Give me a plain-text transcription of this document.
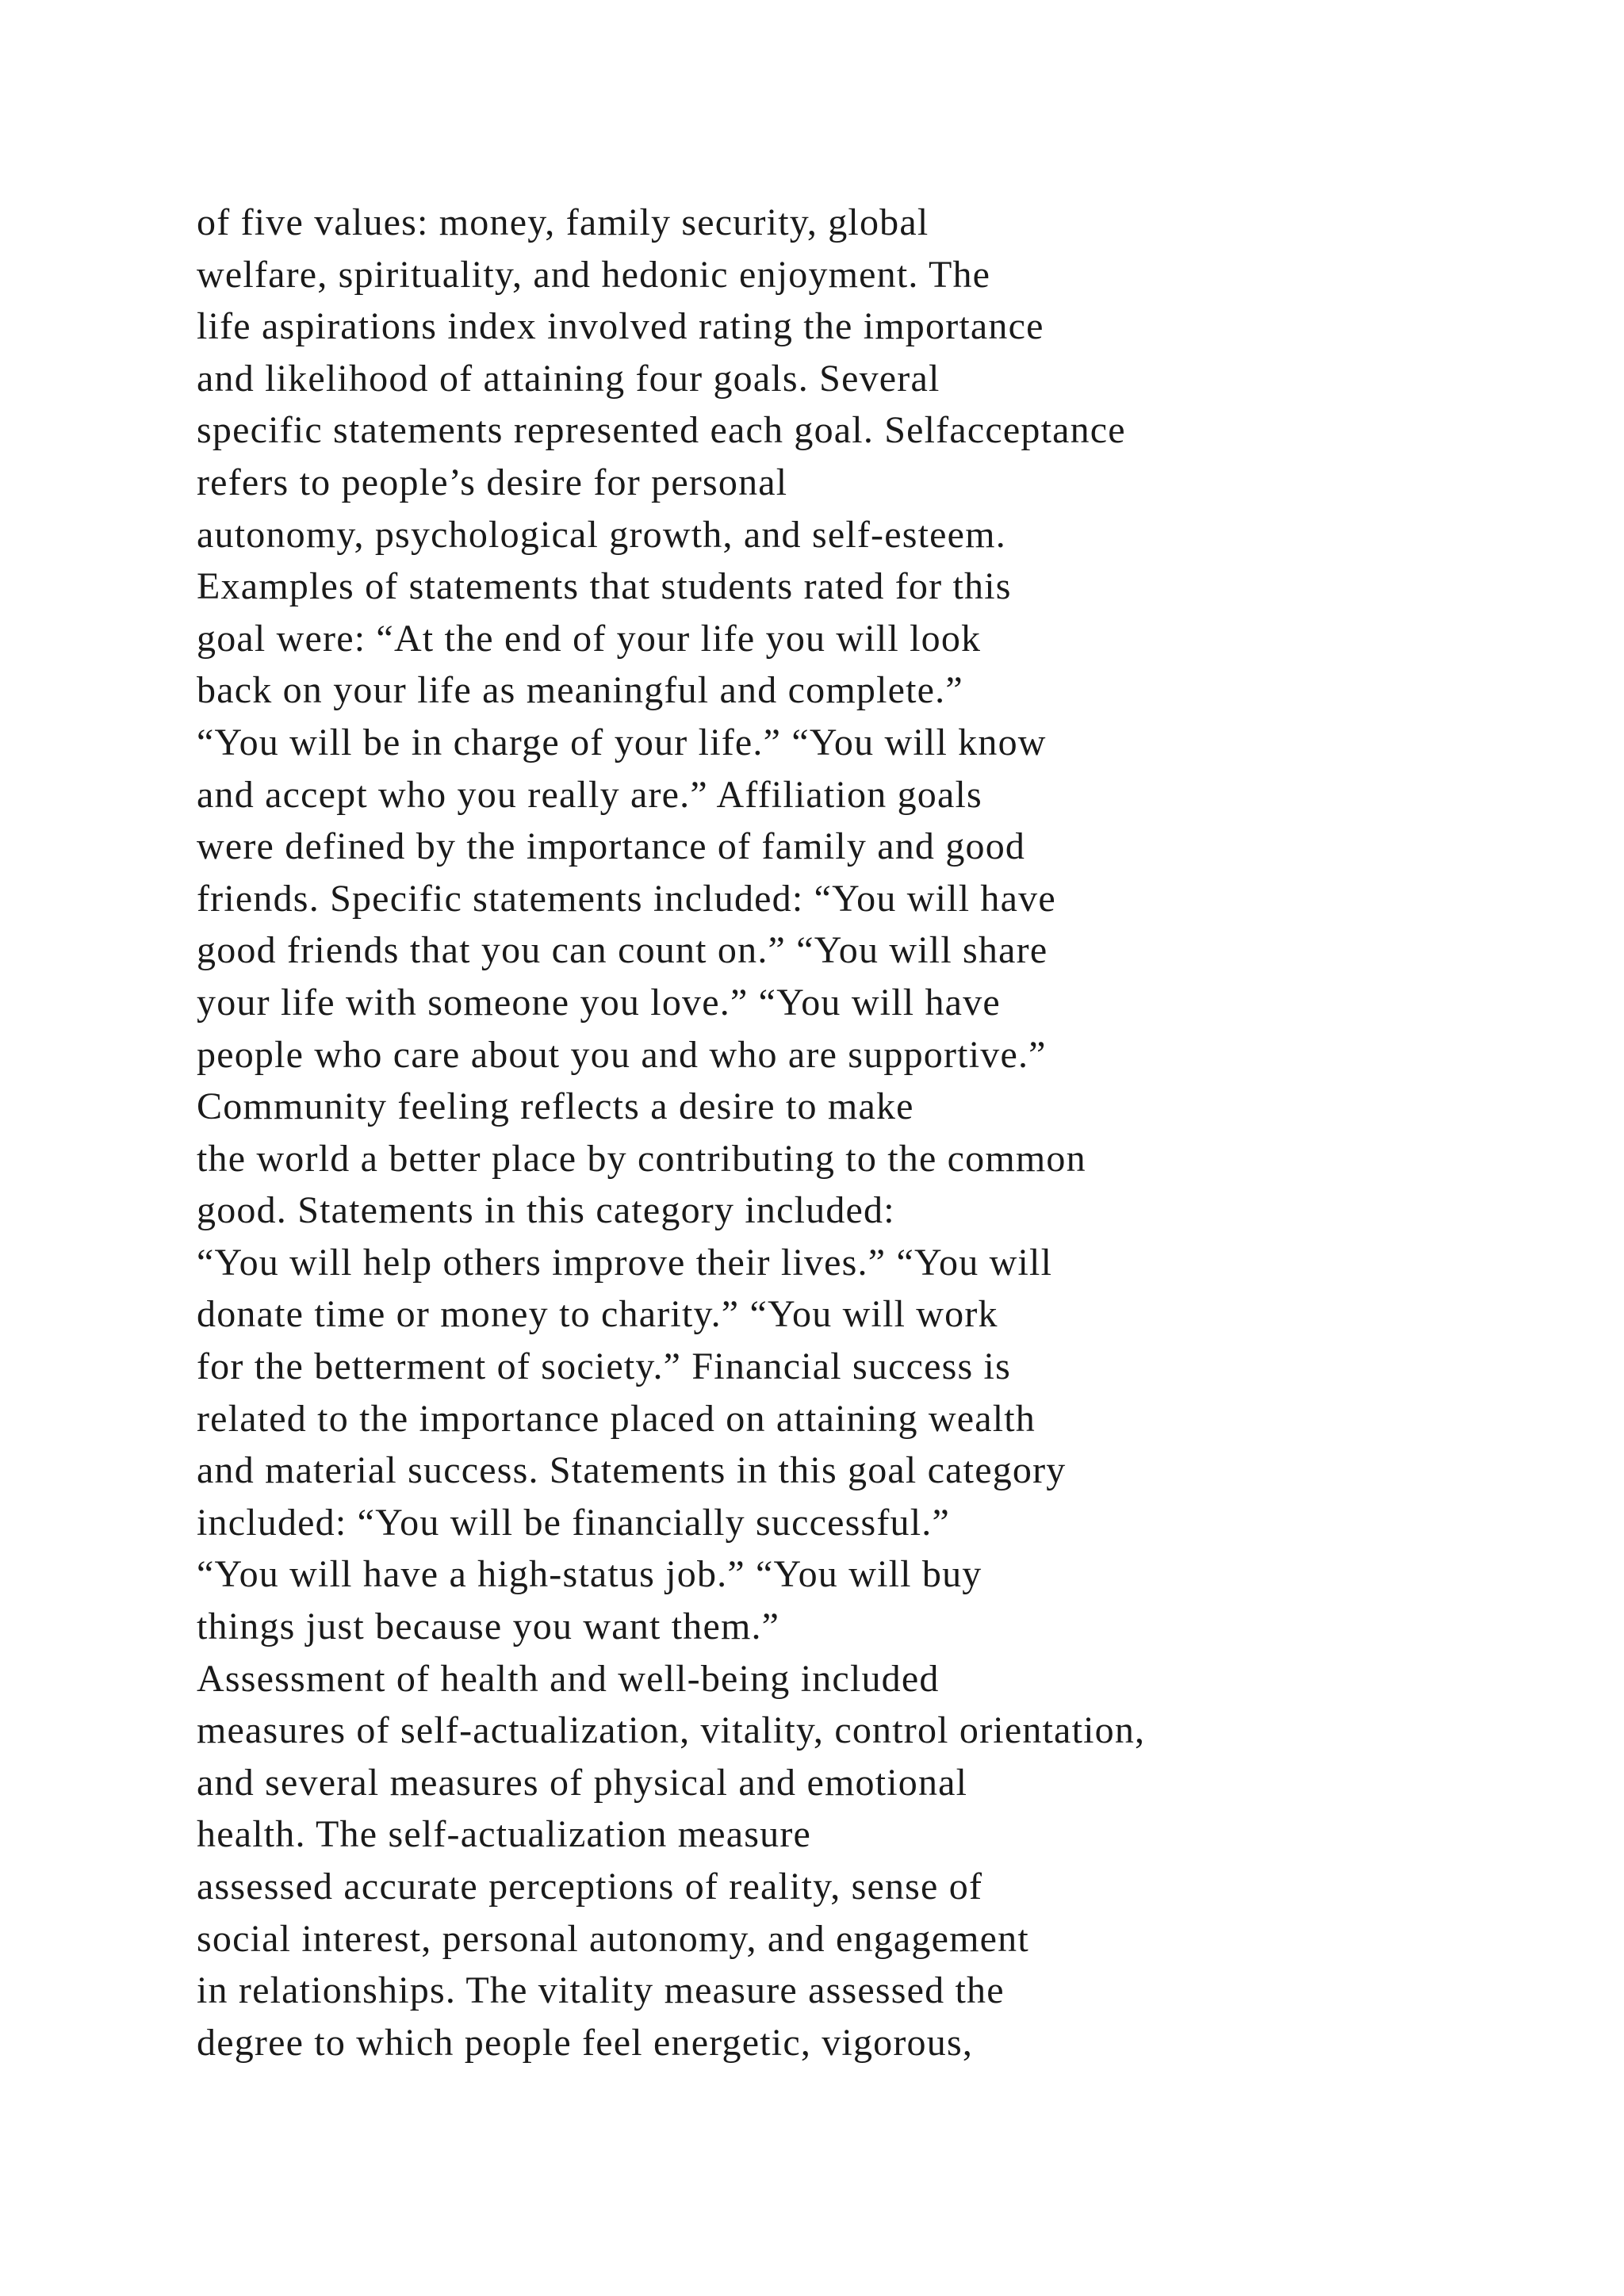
of five values: money, family security, global
welfare, spirituality, and hedonic enjoyment. The
life aspirations index involved rating the importance
and likelihood of attaining four goals. Several
specific statements represented each goal. Selfacceptance
refers to people’s desire for personal
autonomy, psychological growth, and self-esteem.
Examples of statements that students rated for this
goal were: “At the end of your life you will look
back on your life as meaningful and complete.”
“You will be in charge of your life.” “You will know
and accept who you really are.” Affiliation goals
were defined by the importance of family and good
friends. Specific statements included: “You will have
good friends that you can count on.” “You will share
your life with someone you love.” “You will have
people who care about you and who are supportive.”
Community feeling reflects a desire to make
the world a better place by contributing to the common
good. Statements in this category included:
“You will help others improve their lives.” “You will
donate time or money to charity.” “You will work
for the betterment of society.” Financial success is
related to the importance placed on attaining wealth
and material success. Statements in this goal category
included: “You will be financially successful.”
“You will have a high-status job.” “You will buy
things just because you want them.”
Assessment of health and well-being included
measures of self-actualization, vitality, control orientation,
and several measures of physical and emotional
health. The self-actualization measure
assessed accurate perceptions of reality, sense of
social interest, personal autonomy, and engagement
in relationships. The vitality measure assessed the
degree to which people feel energetic, vigorous,
